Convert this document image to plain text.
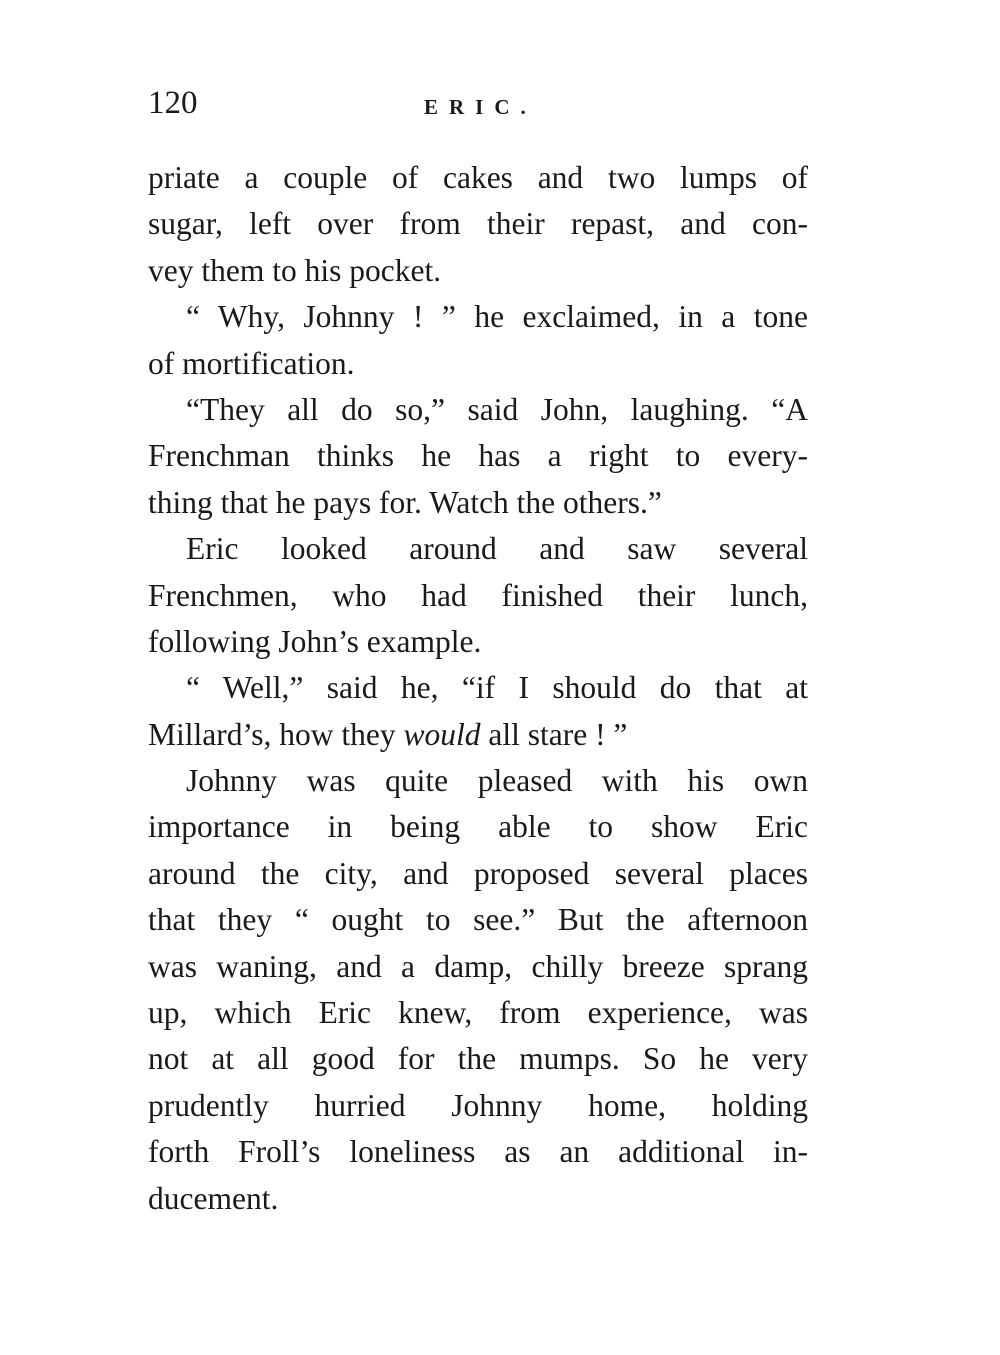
120	ERIC.
priate a couple of cakes and two lumps of
sugar, left over from their repast, and con-
vey them to his pocket.
“ Why, Johnny ! ” he exclaimed, in a tone
of mortification.
“They all do so,” said John, laughing. “A
Frenchman thinks he has a right to every-
thing that he pays for. Watch the others.”
Eric looked around and saw several
Frenchmen, who had finished their lunch,
following John’s example.
“ Well,” said he, “if I should do that at
Millard’s, how they would all stare ! ”
Johnny was quite pleased with his own
importance in being able to show Eric
around the city, and proposed several places
that they “ ought to see.” But the afternoon
was waning, and a damp, chilly breeze sprang
up, which Eric knew, from experience, was
not at all good for the mumps. So he very
prudently hurried Johnny home, holding
forth Froll’s loneliness as an additional in-
ducement.
